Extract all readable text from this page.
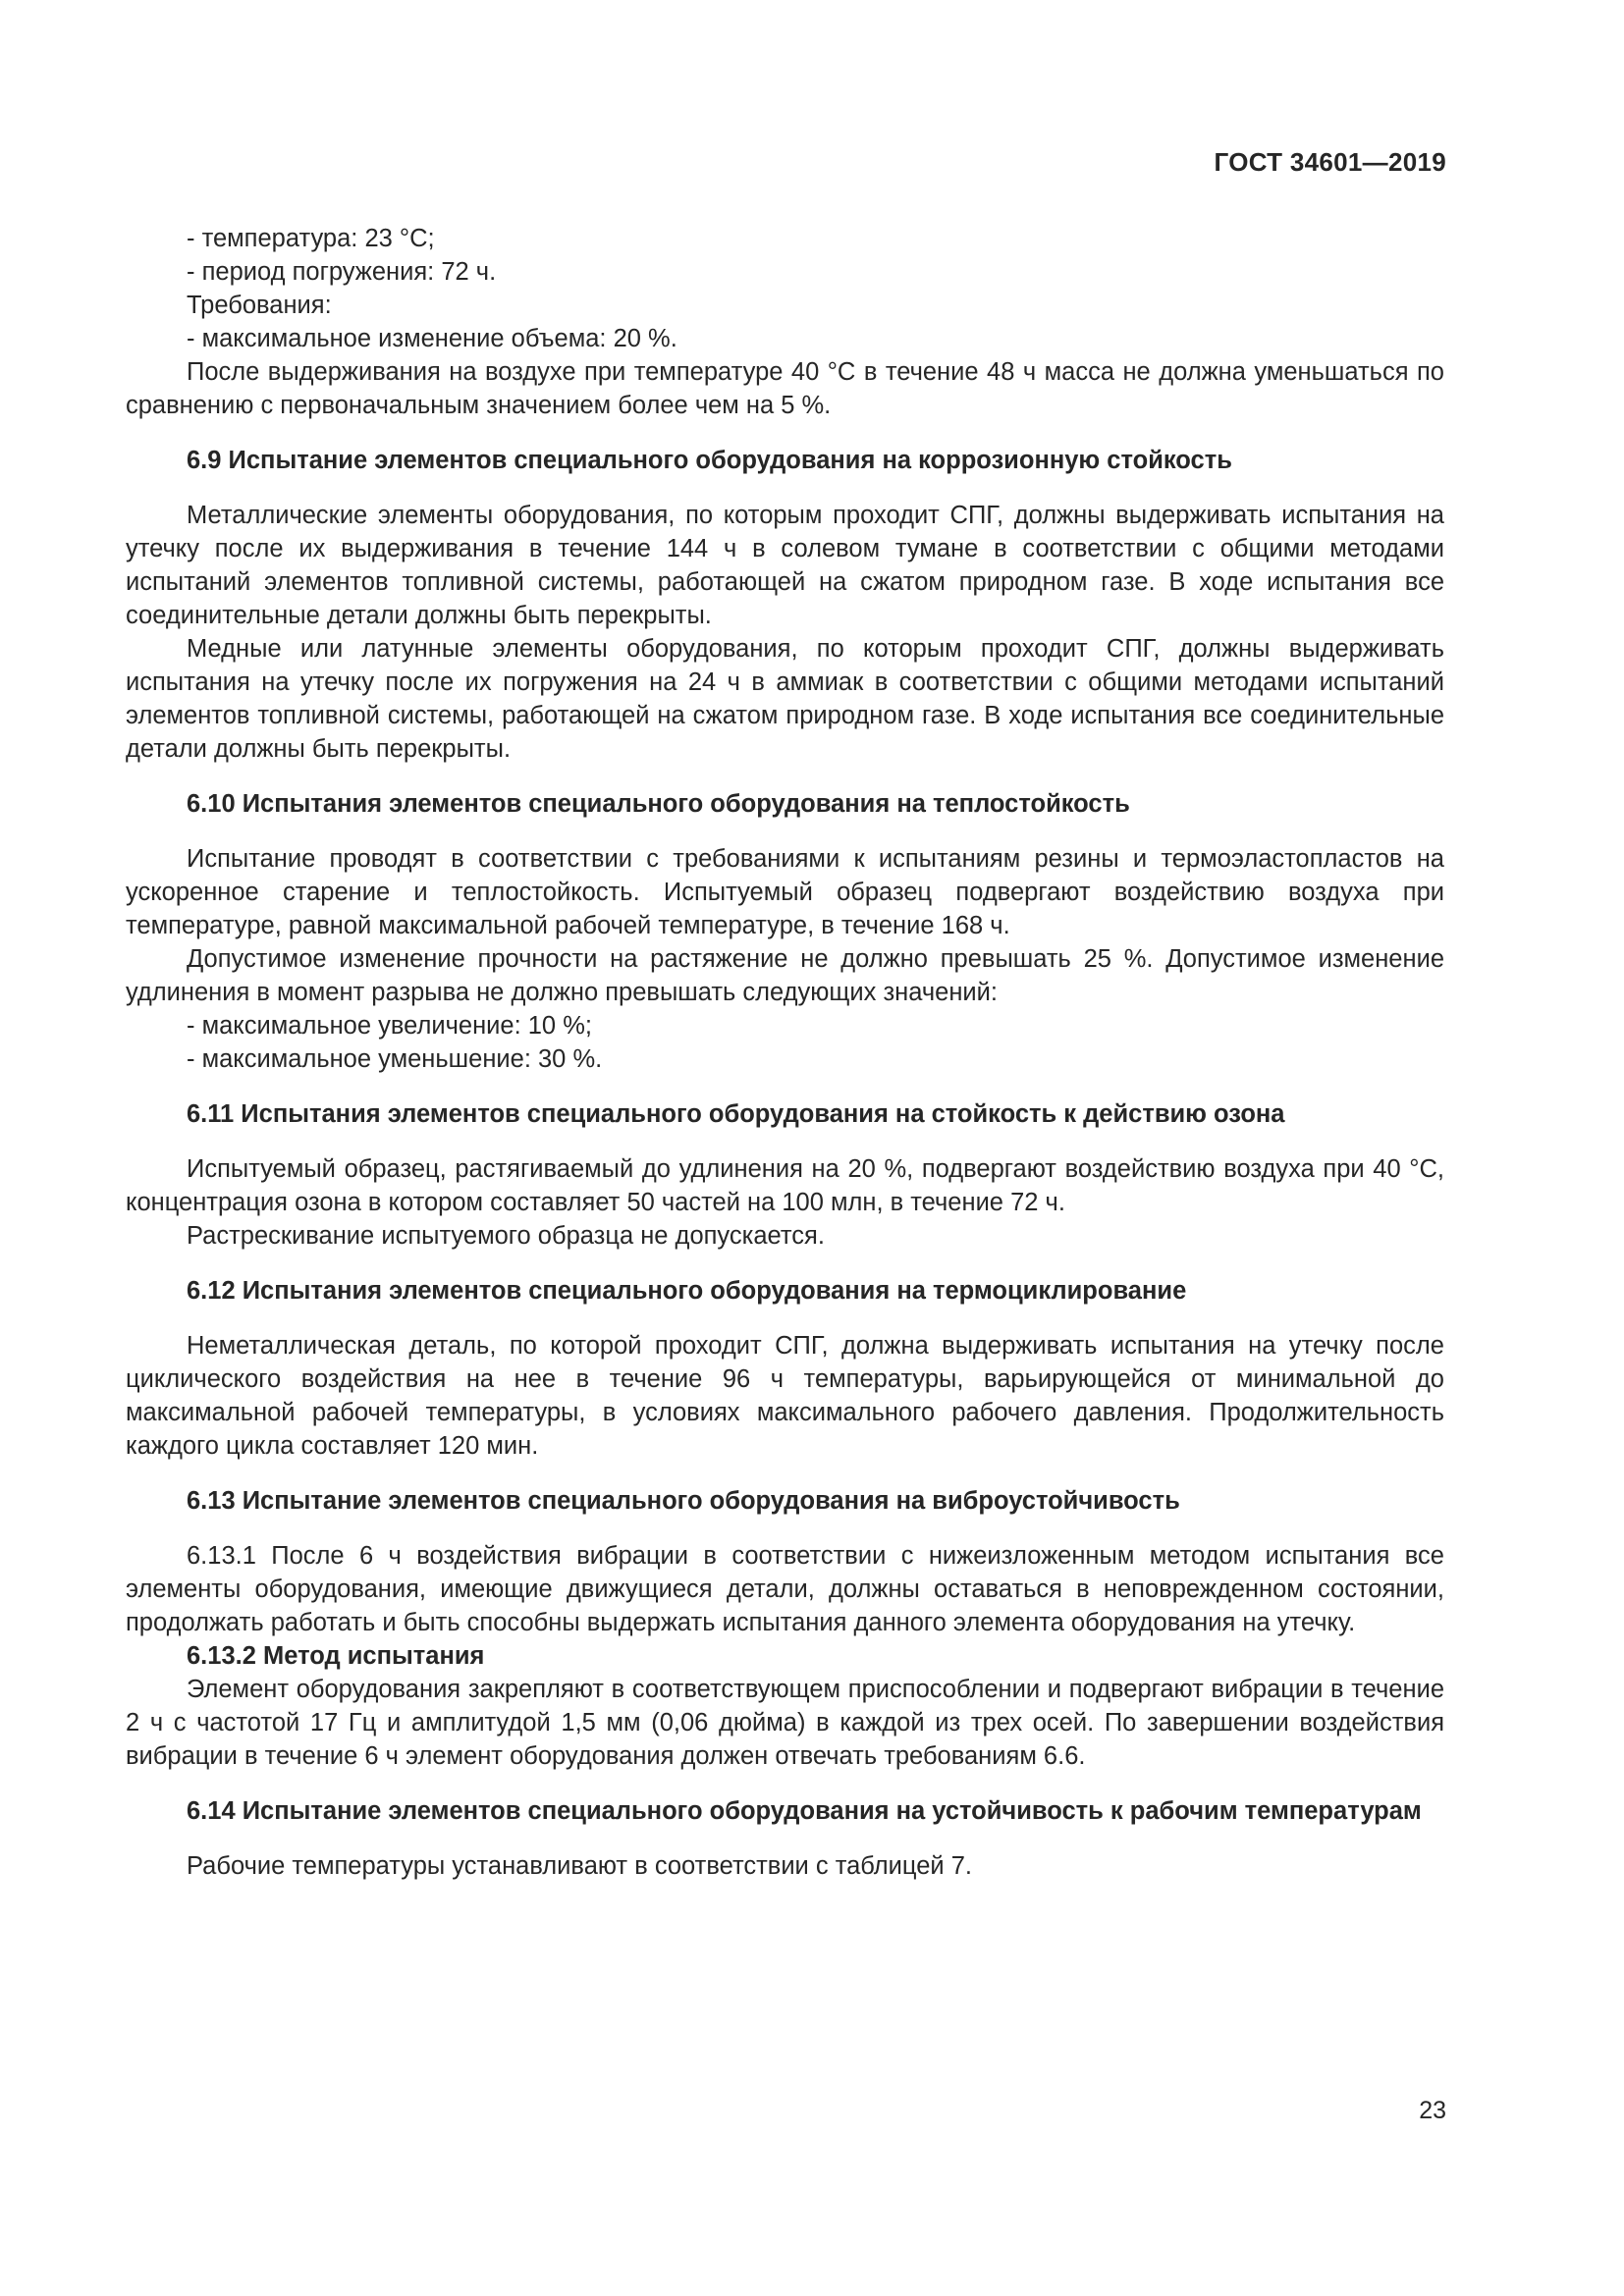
ГОСТ 34601—2019

- температура: 23 °C;

- период погружения: 72 ч.

Требования:

- максимальное изменение объема: 20 %.

После выдерживания на воздухе при температуре 40 °C в течение 48 ч масса не должна уменьшаться по сравнению с первоначальным значением более чем на 5 %.

6.9 Испытание элементов специального оборудования на коррозионную стойкость

Металлические элементы оборудования, по которым проходит СПГ, должны выдерживать испытания на утечку после их выдерживания в течение 144 ч в солевом тумане в соответствии с общими методами испытаний элементов топливной системы, работающей на сжатом природном газе. В ходе испытания все соединительные детали должны быть перекрыты.

Медные или латунные элементы оборудования, по которым проходит СПГ, должны выдерживать испытания на утечку после их погружения на 24 ч в аммиак в соответствии с общими методами испытаний элементов топливной системы, работающей на сжатом природном газе. В ходе испытания все соединительные детали должны быть перекрыты.

6.10 Испытания элементов специального оборудования на теплостойкость

Испытание проводят в соответствии с требованиями к испытаниям резины и термоэластопластов на ускоренное старение и теплостойкость. Испытуемый образец подвергают воздействию воздуха при температуре, равной максимальной рабочей температуре, в течение 168 ч.

Допустимое изменение прочности на растяжение не должно превышать 25 %. Допустимое изменение удлинения в момент разрыва не должно превышать следующих значений:

- максимальное увеличение: 10 %;

- максимальное уменьшение: 30 %.

6.11 Испытания элементов специального оборудования на стойкость к действию озона

Испытуемый образец, растягиваемый до удлинения на 20 %, подвергают воздействию воздуха при 40 °C, концентрация озона в котором составляет 50 частей на 100 млн, в течение 72 ч.

Растрескивание испытуемого образца не допускается.

6.12 Испытания элементов специального оборудования на термоциклирование

Неметаллическая деталь, по которой проходит СПГ, должна выдерживать испытания на утечку после циклического воздействия на нее в течение 96 ч температуры, варьирующейся от минимальной до максимальной рабочей температуры, в условиях максимального рабочего давления. Продолжительность каждого цикла составляет 120 мин.

6.13 Испытание элементов специального оборудования на виброустойчивость

6.13.1 После 6 ч воздействия вибрации в соответствии с нижеизложенным методом испытания все элементы оборудования, имеющие движущиеся детали, должны оставаться в неповрежденном состоянии, продолжать работать и быть способны выдержать испытания данного элемента оборудования на утечку.

6.13.2 Метод испытания

Элемент оборудования закрепляют в соответствующем приспособлении и подвергают вибрации в течение 2 ч с частотой 17 Гц и амплитудой 1,5 мм (0,06 дюйма) в каждой из трех осей. По завершении воздействия вибрации в течение 6 ч элемент оборудования должен отвечать требованиям 6.6.

6.14 Испытание элементов специального оборудования на устойчивость к рабочим температурам

Рабочие температуры устанавливают в соответствии с таблицей 7.

23
